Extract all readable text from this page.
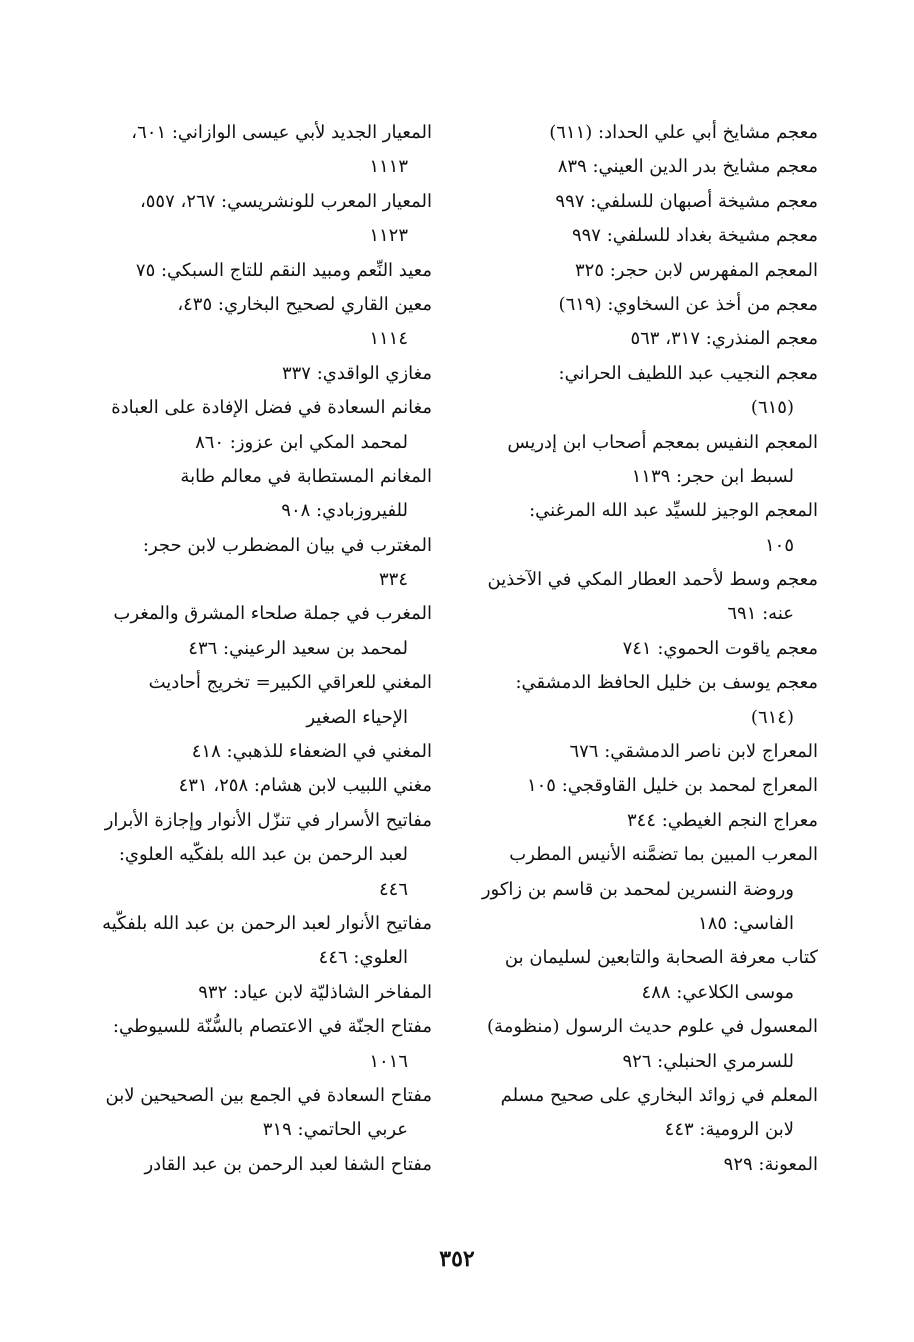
معجم مشايخ أبي علي الحداد: (٦١١)
معجم مشايخ بدر الدين العيني: ٨٣٩
معجم مشيخة أصبهان للسلفي: ٩٩٧
معجم مشيخة بغداد للسلفي: ٩٩٧
المعجم المفهرس لابن حجر: ٣٢٥
معجم من أخذ عن السخاوي: (٦١٩)
معجم المنذري: ٣١٧، ٥٦٣
معجم النجيب عبد اللطيف الحراني:
(٦١٥)
المعجم النفيس بمعجم أصحاب ابن إدريس
لسبط ابن حجر: ١١٣٩
المعجم الوجيز للسيِّد عبد الله المرغني:
١٠٥
معجم وسط لأحمد العطار المكي في الآخذين
عنه: ٦٩١
معجم ياقوت الحموي: ٧٤١
معجم يوسف بن خليل الحافظ الدمشقي:
(٦١٤)
المعراج لابن ناصر الدمشقي: ٦٧٦
المعراج لمحمد بن خليل القاوقجي: ١٠٥
معراج النجم الغيطي: ٣٤٤
المعرب المبين بما تضمَّنه الأنيس المطرب
وروضة النسرين لمحمد بن قاسم بن زاكور
الفاسي: ١٨٥
كتاب معرفة الصحابة والتابعين لسليمان بن
موسى الكلاعي: ٤٨٨
المعسول في علوم حديث الرسول (منظومة)
للسرمري الحنبلي: ٩٢٦
المعلم في زوائد البخاري على صحيح مسلم
لابن الرومية: ٤٤٣
المعونة: ٩٢٩
المعيار الجديد لأبي عيسى الوازاني: ٦٠١،
١١١٣
المعيار المعرب للونشريسي: ٢٦٧، ٥٥٧،
١١٢٣
معيد النِّعم ومبيد النقم للتاج السبكي: ٧٥
معين القاري لصحيح البخاري: ٤٣٥،
١١١٤
مغازي الواقدي: ٣٣٧
مغانم السعادة في فضل الإفادة على العبادة
لمحمد المكي ابن عزوز: ٨٦٠
المغانم المستطابة في معالم طابة
للفيروزبادي: ٩٠٨
المغترب في بيان المضطرب لابن حجر:
٣٣٤
المغرب في جملة صلحاء المشرق والمغرب
لمحمد بن سعيد الرعيني: ٤٣٦
المغني للعراقي الكبير= تخريج أحاديث
الإحياء الصغير
المغني في الضعفاء للذهبي: ٤١٨
مغني اللبيب لابن هشام: ٢٥٨، ٤٣١
مفاتيح الأسرار في تنزّل الأنوار وإجازة الأبرار
لعبد الرحمن بن عبد الله بلفكّيه العلوي:
٤٤٦
مفاتيح الأنوار لعبد الرحمن بن عبد الله بلفكّيه
العلوي: ٤٤٦
المفاخر الشاذليّة لابن عياد: ٩٣٢
مفتاح الجنّة في الاعتصام بالسُّنّة للسيوطي:
١٠١٦
مفتاح السعادة في الجمع بين الصحيحين لابن
عربي الحاتمي: ٣١٩
مفتاح الشفا لعبد الرحمن بن عبد القادر
٣٥٢
